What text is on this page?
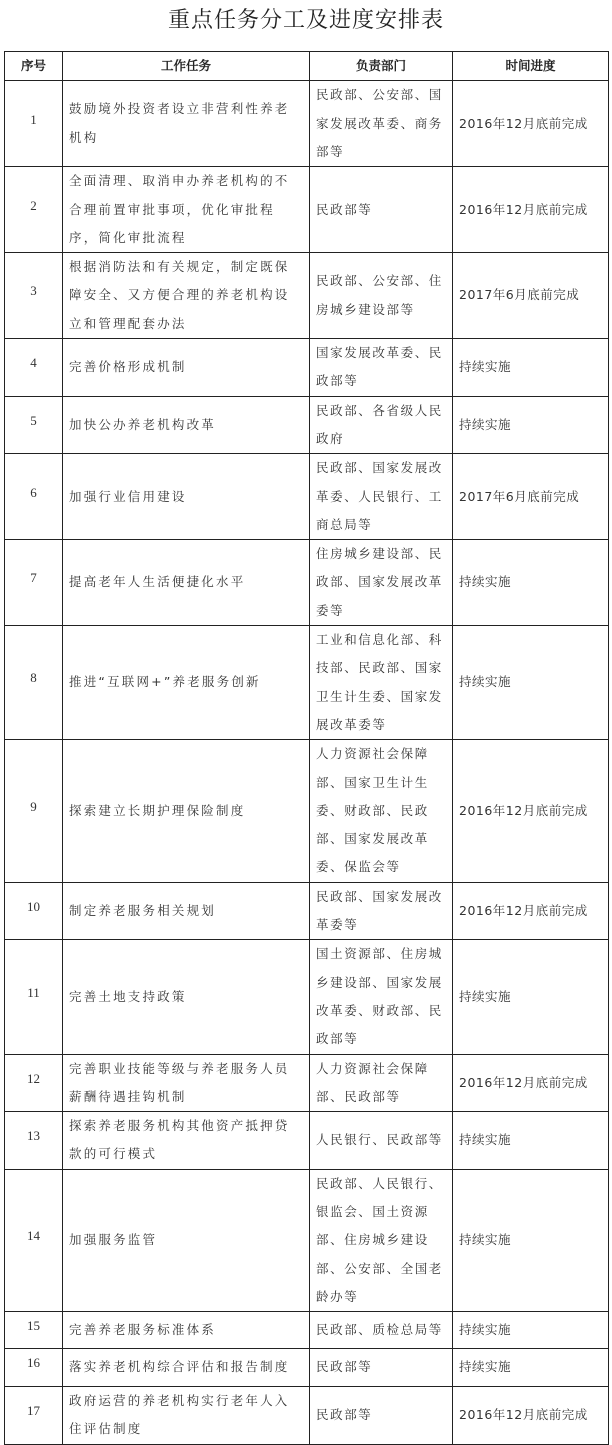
重点任务分工及进度安排表
序号	工作任务	负责部门	时间进度
1	鼓励境外投资者设立非营利性养老机构	民政部、公安部、国家发展改革委、商务部等	2016年12月底前完成
2	全面清理、取消申办养老机构的不合理前置审批事项，优化审批程序，简化审批流程	民政部等	2016年12月底前完成
3	根据消防法和有关规定，制定既保障安全、又方便合理的养老机构设立和管理配套办法	民政部、公安部、住房城乡建设部等	2017年6月底前完成
4	完善价格形成机制	国家发展改革委、民政部等	持续实施
5	加快公办养老机构改革	民政部、各省级人民政府	持续实施
6	加强行业信用建设	民政部、国家发展改革委、人民银行、工商总局等	2017年6月底前完成
7	提高老年人生活便捷化水平	住房城乡建设部、民政部、国家发展改革委等	持续实施
8	推进“互联网+”养老服务创新	工业和信息化部、科技部、民政部、国家卫生计生委、国家发展改革委等	持续实施
9	探索建立长期护理保险制度	人力资源社会保障部、国家卫生计生委、财政部、民政部、国家发展改革委、保监会等	2016年12月底前完成
10	制定养老服务相关规划	民政部、国家发展改革委等	2016年12月底前完成
11	完善土地支持政策	国土资源部、住房城乡建设部、国家发展改革委、财政部、民政部等	持续实施
12	完善职业技能等级与养老服务人员薪酬待遇挂钩机制	人力资源社会保障部、民政部等	2016年12月底前完成
13	探索养老服务机构其他资产抵押贷款的可行模式	人民银行、民政部等	持续实施
14	加强服务监管	民政部、人民银行、银监会、国土资源部、住房城乡建设部、公安部、全国老龄办等	持续实施
15	完善养老服务标准体系	民政部、质检总局等	持续实施
16	落实养老机构综合评估和报告制度	民政部等	持续实施
17	政府运营的养老机构实行老年人入住评估制度	民政部等	2016年12月底前完成
